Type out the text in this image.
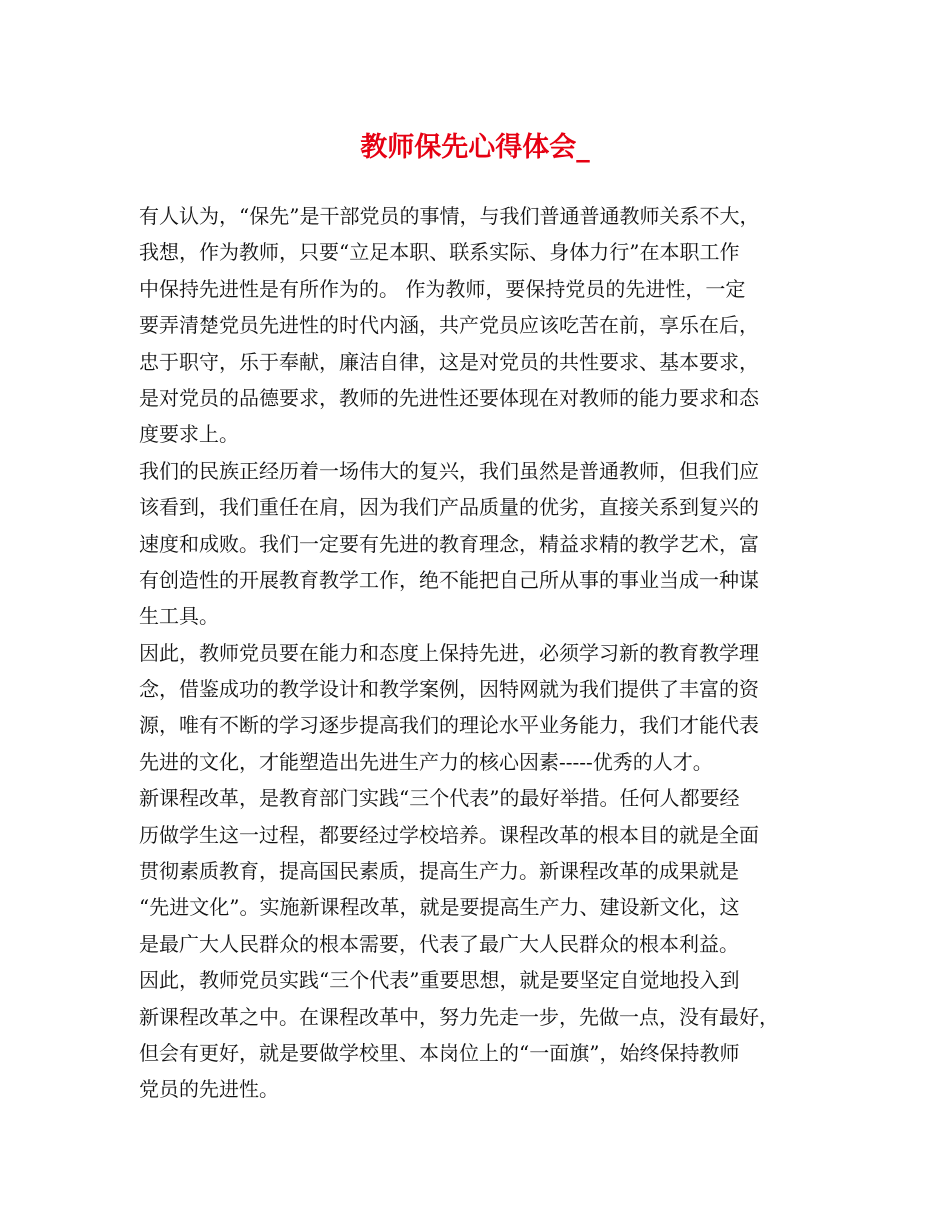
教师保先心得体会_
有人认为，“保先”是干部党员的事情，与我们普通普通教师关系不大，
我想，作为教师，只要“立足本职、联系实际、身体力行”在本职工作
中保持先进性是有所作为的。 作为教师，要保持党员的先进性，一定
要弄清楚党员先进性的时代内涵，共产党员应该吃苦在前，享乐在后，
忠于职守，乐于奉献，廉洁自律，这是对党员的共性要求、基本要求，
是对党员的品德要求，教师的先进性还要体现在对教师的能力要求和态
度要求上。
我们的民族正经历着一场伟大的复兴，我们虽然是普通教师，但我们应
该看到，我们重任在肩，因为我们产品质量的优劣，直接关系到复兴的
速度和成败。我们一定要有先进的教育理念，精益求精的教学艺术，富
有创造性的开展教育教学工作，绝不能把自己所从事的事业当成一种谋
生工具。
因此，教师党员要在能力和态度上保持先进，必须学习新的教育教学理
念，借鉴成功的教学设计和教学案例，因特网就为我们提供了丰富的资
源，唯有不断的学习逐步提高我们的理论水平业务能力，我们才能代表
先进的文化，才能塑造出先进生产力的核心因素-----优秀的人才。
新课程改革，是教育部门实践“三个代表”的最好举措。任何人都要经
历做学生这一过程，都要经过学校培养。课程改革的根本目的就是全面
贯彻素质教育，提高国民素质，提高生产力。新课程改革的成果就是
“先进文化”。实施新课程改革，就是要提高生产力、建设新文化，这
是最广大人民群众的根本需要，代表了最广大人民群众的根本利益。
因此，教师党员实践“三个代表”重要思想，就是要坚定自觉地投入到
新课程改革之中。在课程改革中，努力先走一步，先做一点，没有最好，
但会有更好，就是要做学校里、本岗位上的“一面旗”，始终保持教师
党员的先进性。
